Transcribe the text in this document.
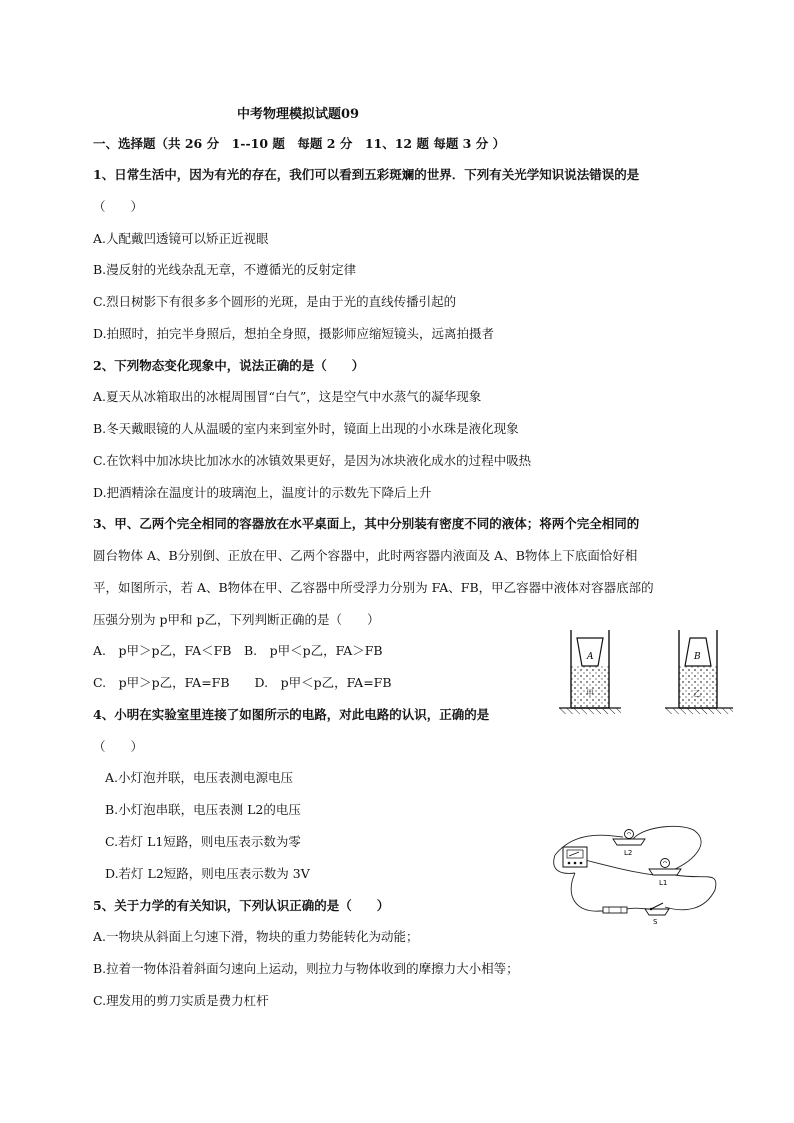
中考物理模拟试题09
一、选择题（共 26 分　1--10 题　每题 2 分　11、12 题 每题 3 分 ）
1、日常生活中，因为有光的存在，我们可以看到五彩斑斓的世界．下列有关光学知识说法错误的是
（　　）
A.人配戴凹透镜可以矫正近视眼
B.漫反射的光线杂乱无章，不遵循光的反射定律
C.烈日树影下有很多多个圆形的光斑，是由于光的直线传播引起的
D.拍照时，拍完半身照后，想拍全身照，摄影师应缩短镜头，远离拍摄者
2、下列物态变化现象中，说法正确的是（　　）
A.夏天从冰箱取出的冰棍周围冒“白气”，这是空气中水蒸气的凝华现象
B.冬天戴眼镜的人从温暖的室内来到室外时，镜面上出现的小水珠是液化现象
C.在饮料中加冰块比加冰水的冰镇效果更好，是因为冰块液化成水的过程中吸热
D.把酒精涂在温度计的玻璃泡上，温度计的示数先下降后上升
3、甲、乙两个完全相同的容器放在水平桌面上，其中分别装有密度不同的液体；将两个完全相同的
圆台物体 A、B分别倒、正放在甲、乙两个容器中，此时两容器内液面及 A、B物体上下底面恰好相
平，如图所示，若 A、B物体在甲、乙容器中所受浮力分别为 FA、FB，甲乙容器中液体对容器底部的
压强分别为 p甲和 p乙，下列判断正确的是（　　）
A.　p甲＞p乙，FA＜FB　B.　p甲＜p乙，FA＞FB
C.　p甲＞p乙，FA=FB　　D.　p甲＜p乙，FA=FB
A
甲
B
乙
4、小明在实验室里连接了如图所示的电路，对此电路的认识，正确的是
（　　）
A.小灯泡并联，电压表测电源电压
B.小灯泡串联，电压表测 L2的电压
C.若灯 L1短路，则电压表示数为零
D.若灯 L2短路，则电压表示数为 3V
L2
L1
S
5、关于力学的有关知识，下列认识正确的是（　　）
A.一物块从斜面上匀速下滑，物块的重力势能转化为动能；
B.拉着一物体沿着斜面匀速向上运动，则拉力与物体收到的摩擦力大小相等；
C.理发用的剪刀实质是费力杠杆
